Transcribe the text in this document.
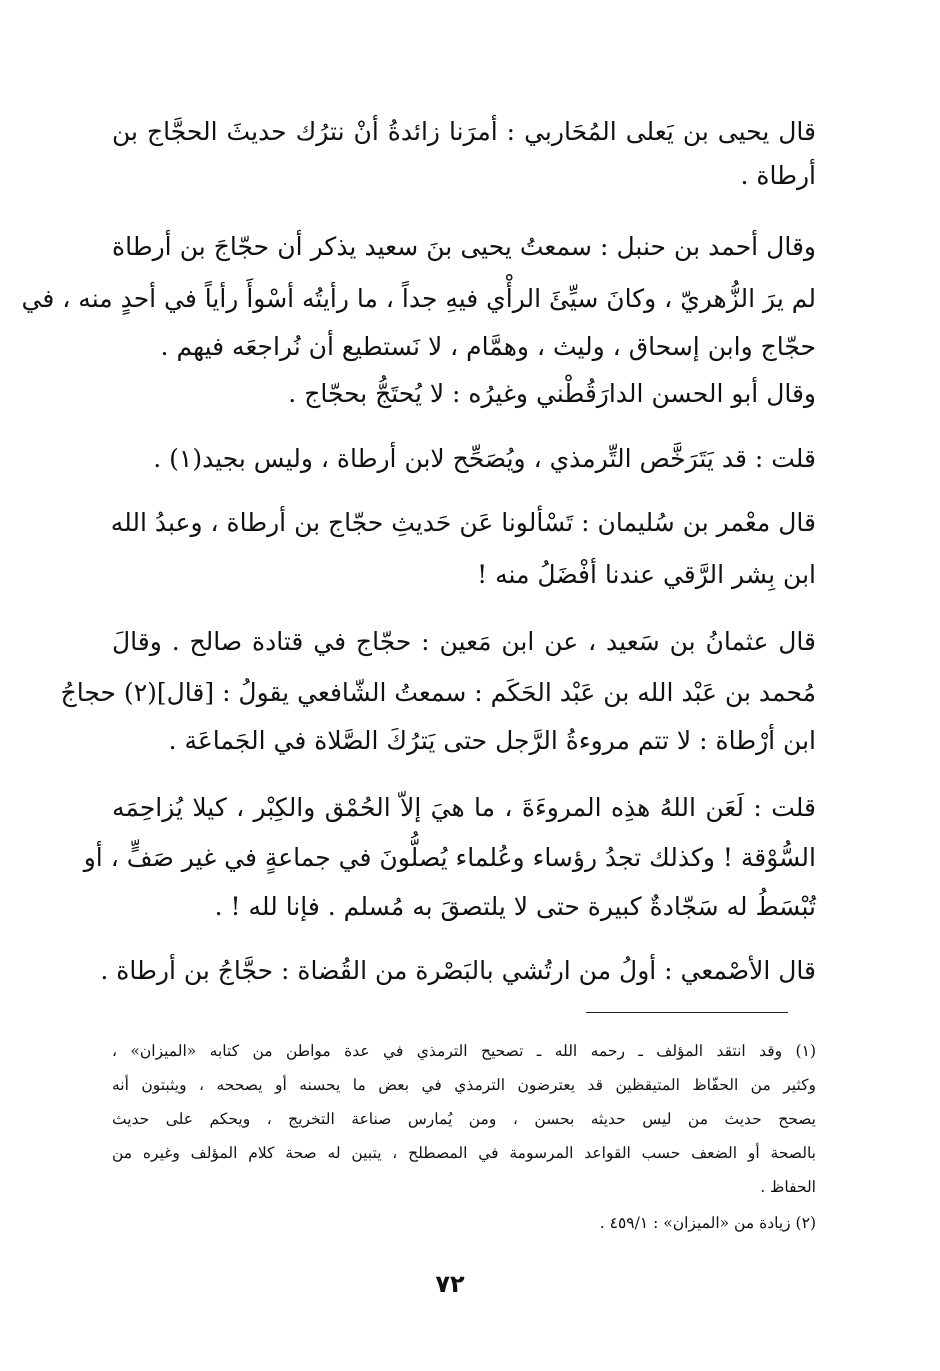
قال يحيى بن يَعلى المُحَاربي : أمرَنا زائدةُ أنْ نترُك حديثَ الحجَّاج بن
أرطاة .
وقال أحمد بن حنبل : سمعتُ يحيى بنَ سعيد يذكر أن حجّاجَ بن أرطاة
لم يرَ الزُّهريّ ، وكانَ سيِّئَ الرأْي فيهِ جداً ، ما رأيتُه أسْوأَ رأياً في أحدٍ منه ، في
حجّاج وابن إسحاق ، وليث ، وهمَّام ، لا نَستطيع أن نُراجعَه فيهم .
وقال أبو الحسن الدارَقُطْني وغيرُه : لا يُحتَجُّ بحجّاج .
قلت : قد يَتَرَخَّص التِّرمذي ، ويُصَحِّح لابن أرطاة ، وليس بجيد(١) .
قال معْمر بن سُليمان : تَسْألونا عَن حَديثِ حجّاج بن أرطاة ، وعبدُ الله
ابن بِشر الرَّقي عندنا أفْضَلُ منه !
قال عثمانُ بن سَعيد ، عن ابن مَعين : حجّاج في قتادة صالح . وقالَ
مُحمد بن عَبْد الله بن عَبْد الحَكَم : سمعتُ الشّافعي يقولُ : [قال](٢) حجاجُ
ابن أرْطاة : لا تتم مروءةُ الرَّجل حتى يَترُكَ الصَّلاة في الجَماعَة .
قلت : لَعَن اللهُ هذِه المروءَةَ ، ما هيَ إلاّ الحُمْق والكِبْر ، كيلا يُزاحِمَه
السُّوْقة ! وكذلك تجدُ رؤساء وعُلماء يُصلُّونَ في جماعةٍ في غير صَفٍّ ، أو
تُبْسَطُ له سَجّادةٌ كبيرة حتى لا يلتصقَ به مُسلم . فإنا لله ! .
قال الأصْمعي : أولُ من ارتُشي بالبَصْرة من القُضاة : حجَّاجُ بن أرطاة .
(١) وقد انتقد المؤلف ـ رحمه الله ـ تصحيح الترمذي في عدة مواطن من كتابه «الميزان» ،
وكثير من الحفّاظ المتيقظين قد يعترضون الترمذي في بعض ما يحسنه أو يصححه ، ويثبتون أنه
يصحح حديث من ليس حديثه بحسن ، ومن يُمارس صناعة التخريج ، ويحكم على حديث
بالصحة أو الضعف حسب القواعد المرسومة في المصطلح ، يتبين له صحة كلام المؤلف وغيره من
الحفاظ .
(٢) زيادة من «الميزان» : ٤٥٩/١ .
٧٢
